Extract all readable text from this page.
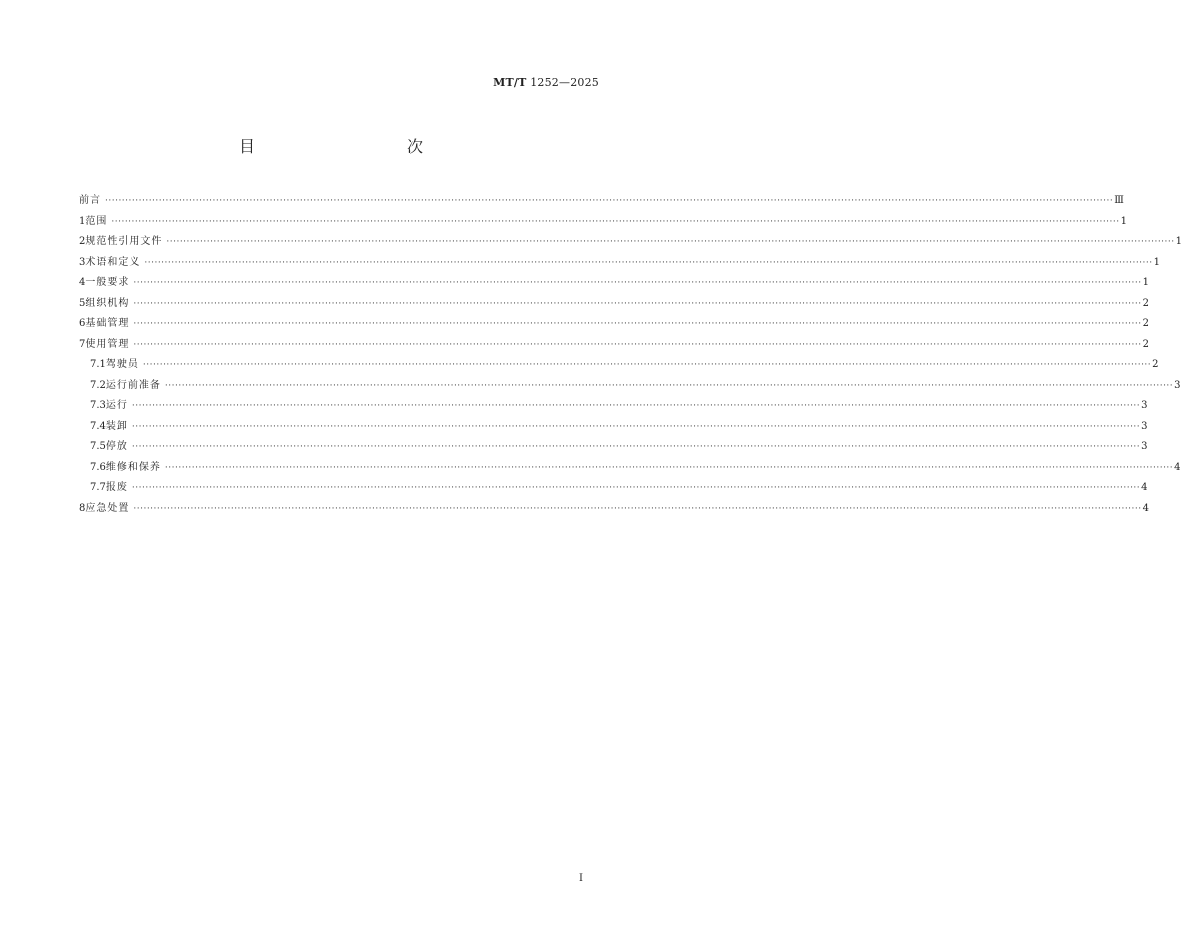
MT/T 1252—2025
目　　次
前言 ············································································································································································································································································································ Ⅲ
1 范围 ············································································································································································································································································································ 1
2 规范性引用文件 ············································································································································································································································································································ 1
3 术语和定义 ············································································································································································································································································································ 1
4 一般要求 ············································································································································································································································································································ 1
5 组织机构 ············································································································································································································································································································ 2
6 基础管理 ············································································································································································································································································································ 2
7 使用管理 ············································································································································································································································································································ 2
7.1 驾驶员 ············································································································································································································································································································ 2
7.2 运行前准备 ············································································································································································································································································································ 3
7.3 运行 ············································································································································································································································································································ 3
7.4 装卸 ············································································································································································································································································································ 3
7.5 停放 ············································································································································································································································································································ 3
7.6 维修和保养 ············································································································································································································································································································ 4
7.7 报废 ············································································································································································································································································································ 4
8 应急处置 ············································································································································································································································································································ 4
I
